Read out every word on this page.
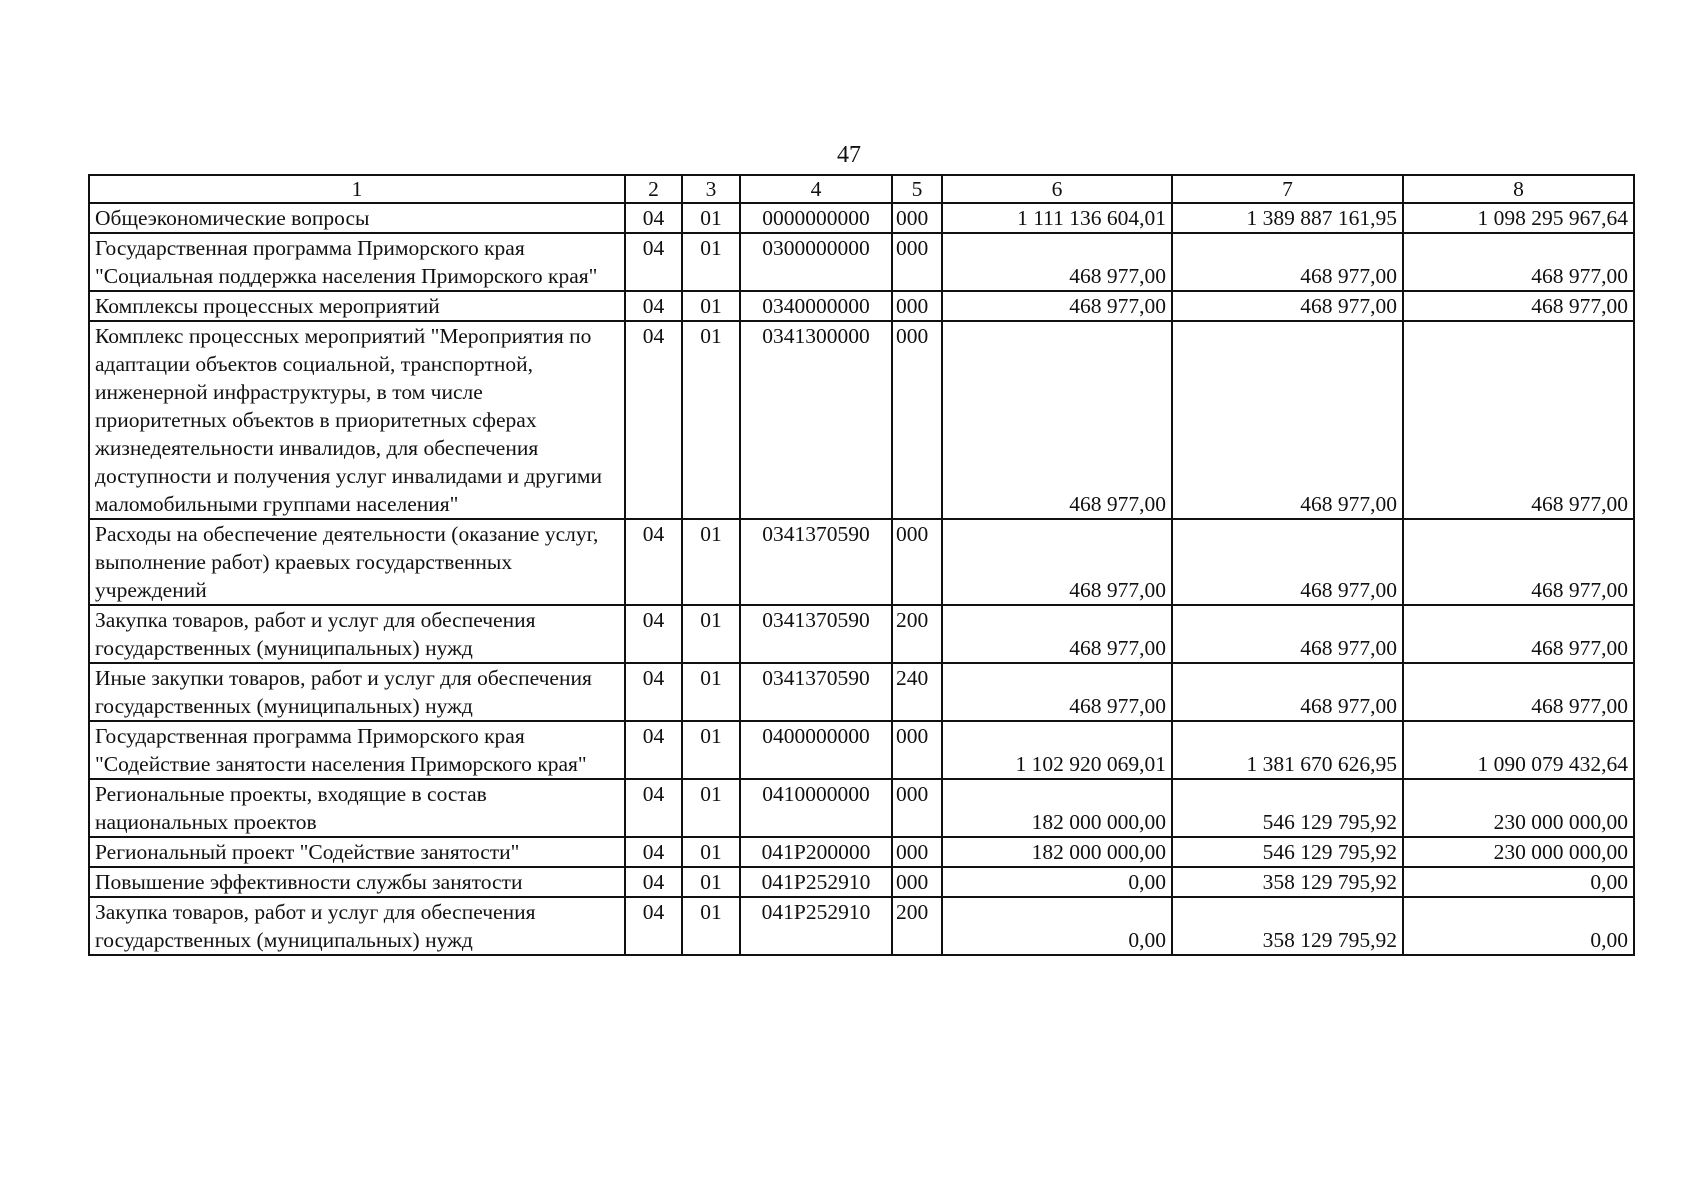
47
1	2	3	4	5	6	7	8
Общеэкономические вопросы	04	01	0000000000	000	1 111 136 604,01	1 389 887 161,95	1 098 295 967,64
Государственная программа Приморского края "Социальная поддержка населения Приморского края"	04	01	0300000000	000	468 977,00	468 977,00	468 977,00
Комплексы процессных мероприятий	04	01	0340000000	000	468 977,00	468 977,00	468 977,00
Комплекс процессных мероприятий "Мероприятия по адаптации объектов социальной, транспортной, инженерной инфраструктуры, в том числе приоритетных объектов в приоритетных сферах жизнедеятельности инвалидов, для обеспечения доступности и получения услуг инвалидами и другими маломобильными группами населения"	04	01	0341300000	000	468 977,00	468 977,00	468 977,00
Расходы на обеспечение деятельности (оказание услуг, выполнение работ) краевых государственных учреждений	04	01	0341370590	000	468 977,00	468 977,00	468 977,00
Закупка товаров, работ и услуг для обеспечения государственных (муниципальных) нужд	04	01	0341370590	200	468 977,00	468 977,00	468 977,00
Иные закупки товаров, работ и услуг для обеспечения государственных (муниципальных) нужд	04	01	0341370590	240	468 977,00	468 977,00	468 977,00
Государственная программа Приморского края "Содействие занятости населения Приморского края"	04	01	0400000000	000	1 102 920 069,01	1 381 670 626,95	1 090 079 432,64
Региональные проекты, входящие в состав национальных проектов	04	01	0410000000	000	182 000 000,00	546 129 795,92	230 000 000,00
Региональный проект "Содействие занятости"	04	01	041P200000	000	182 000 000,00	546 129 795,92	230 000 000,00
Повышение эффективности службы занятости	04	01	041P252910	000	0,00	358 129 795,92	0,00
Закупка товаров, работ и услуг для обеспечения государственных (муниципальных) нужд	04	01	041P252910	200	0,00	358 129 795,92	0,00
